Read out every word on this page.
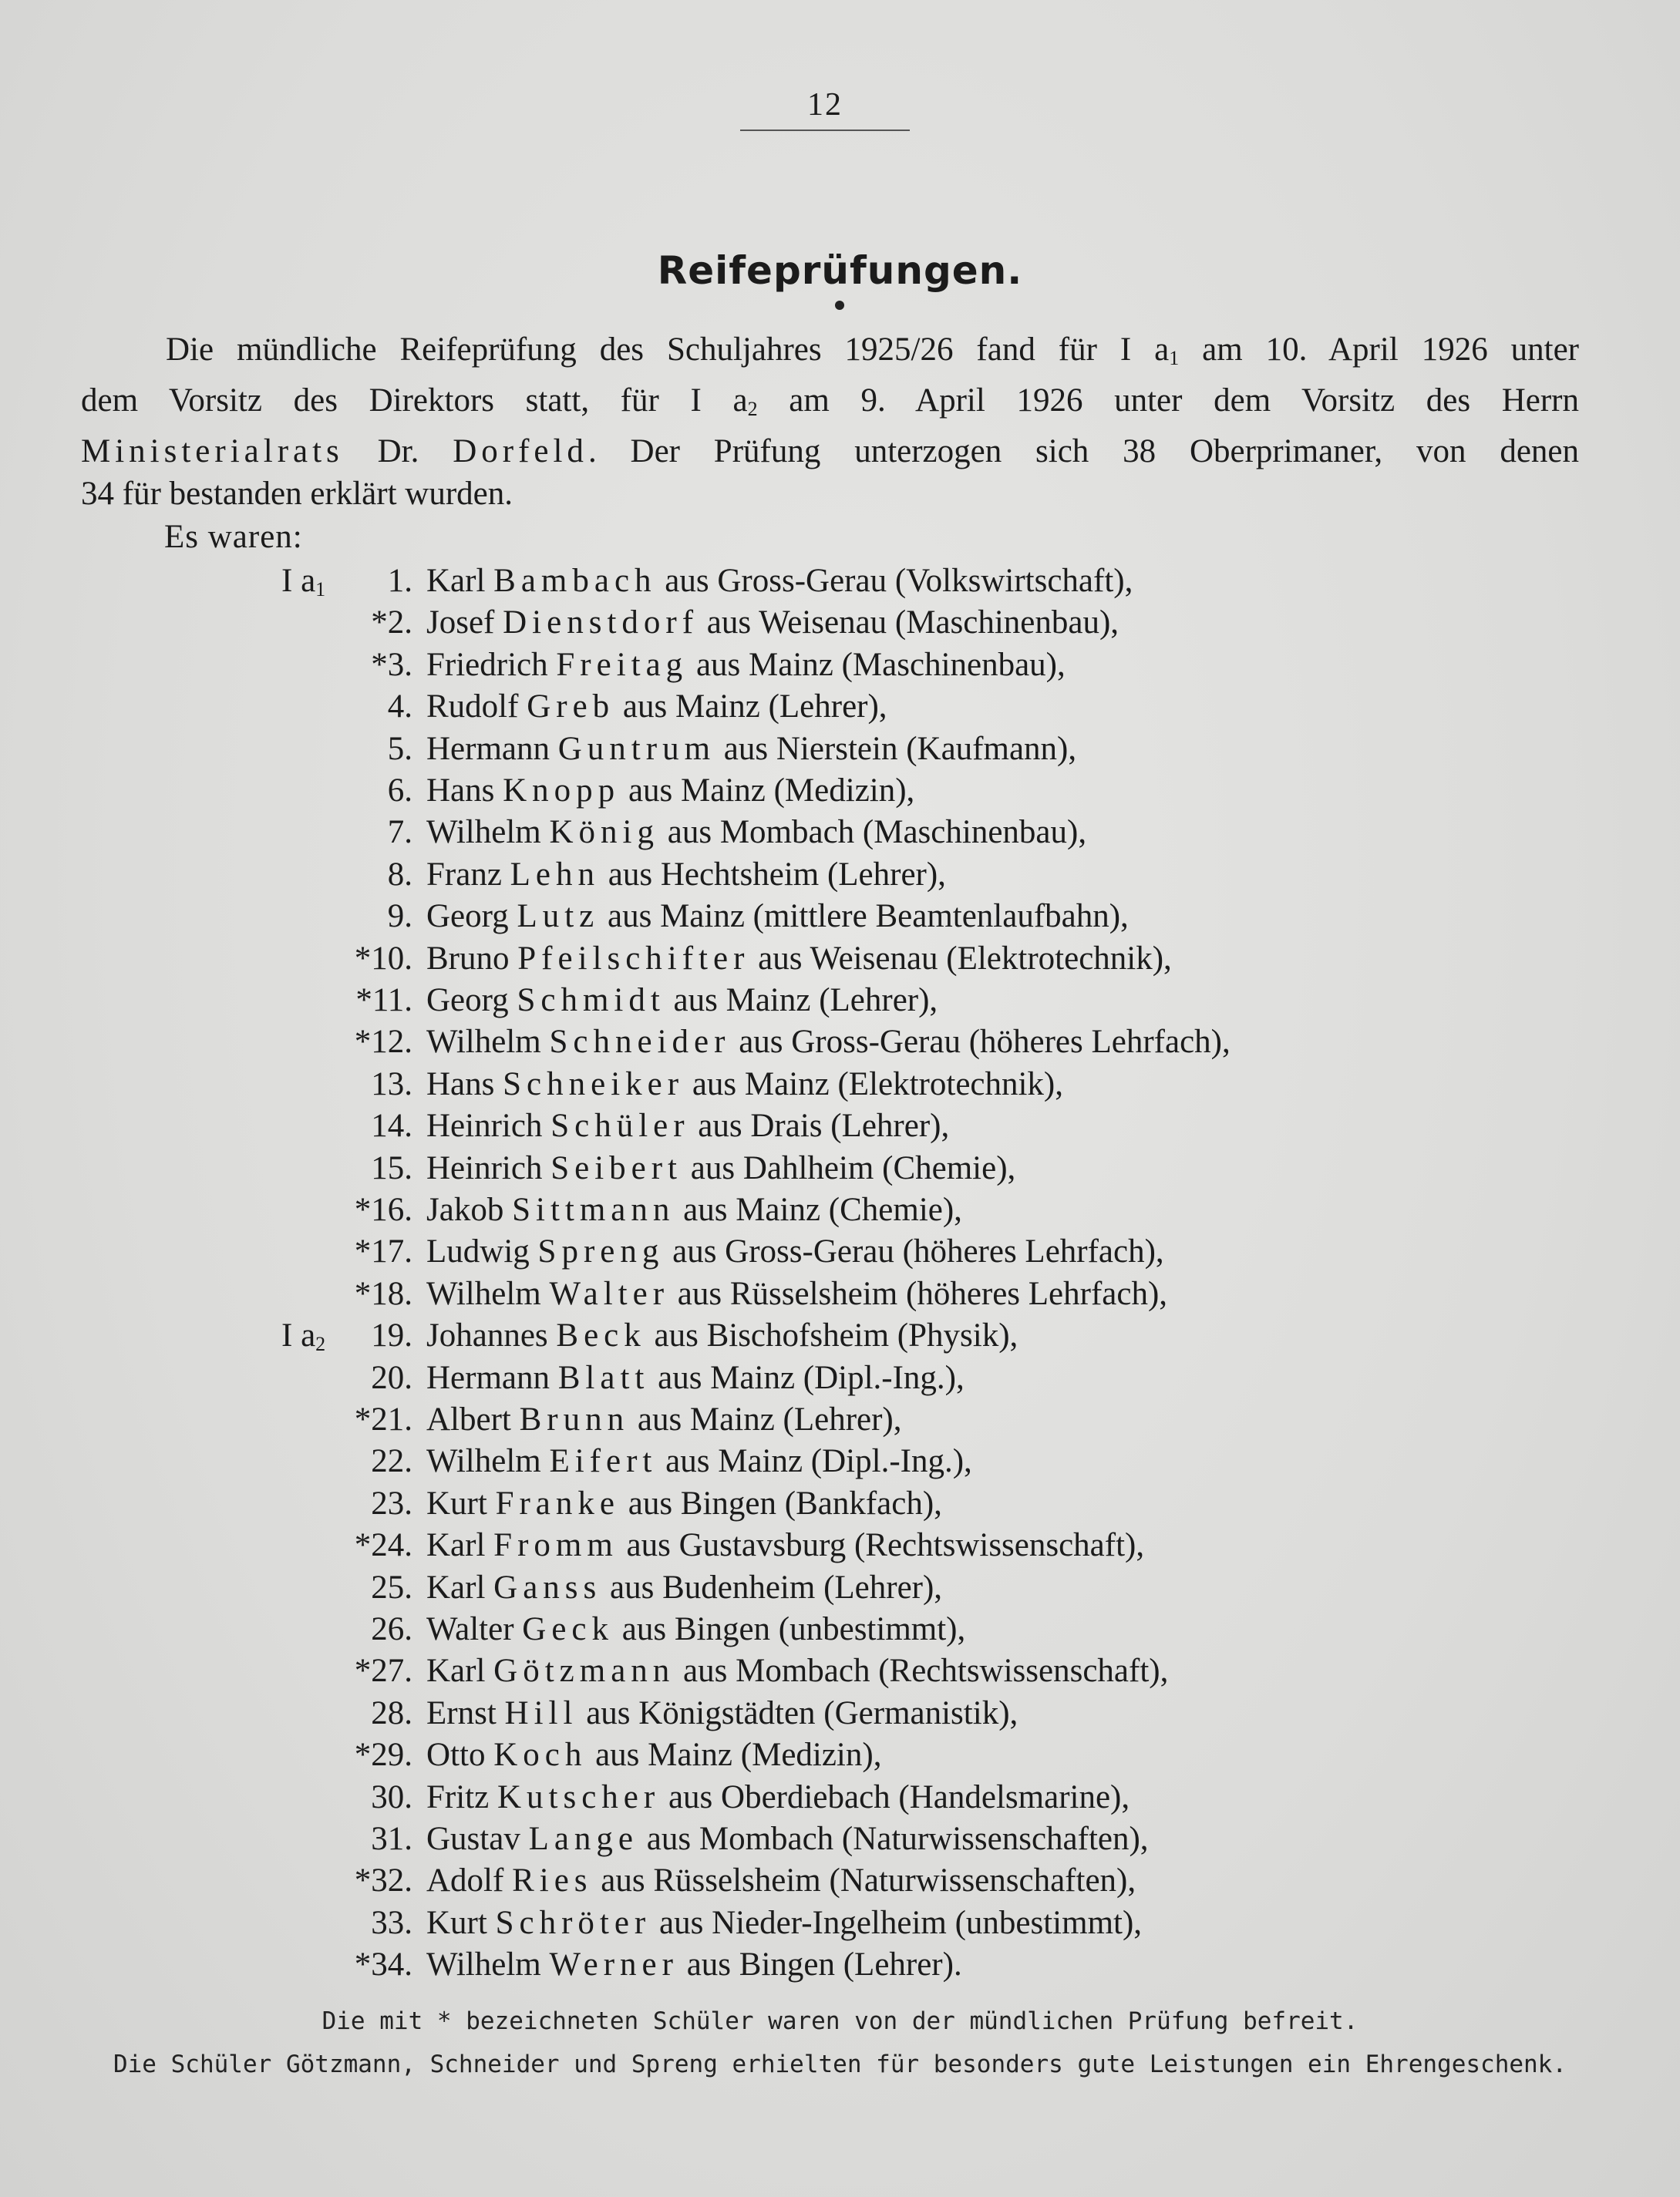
12
Reifeprüfungen.
Die mündliche Reifeprüfung des Schuljahres 1925/26 fand für I $a_1$ am 10. April 1926 unter
dem Vorsitz des Direktors statt, für I $a_2$ am 9. April 1926 unter dem Vorsitz des Herrn
Ministerialrats Dr. Dorfeld. Der Prüfung unterzogen sich 38 Oberprimaner, von denen
34 für bestanden erklärt wurden.
Es waren:
I $a_1$	1. Karl Bambach aus Gross-Gerau (Volkswirtschaft),
*2. Josef Dienstdorf aus Weisenau (Maschinenbau),
*3. Friedrich Freitag aus Mainz (Maschinenbau),
4. Rudolf Greb aus Mainz (Lehrer),
5. Hermann Guntrum aus Nierstein (Kaufmann),
6. Hans Knopp aus Mainz (Medizin),
7. Wilhelm König aus Mombach (Maschinenbau),
8. Franz Lehn aus Hechtsheim (Lehrer),
9. Georg Lutz aus Mainz (mittlere Beamtenlaufbahn),
*10. Bruno Pfeilschifter aus Weisenau (Elektrotechnik),
*11. Georg Schmidt aus Mainz (Lehrer),
*12. Wilhelm Schneider aus Gross-Gerau (höheres Lehrfach),
13. Hans Schneiker aus Mainz (Elektrotechnik),
14. Heinrich Schüler aus Drais (Lehrer),
15. Heinrich Seibert aus Dahlheim (Chemie),
*16. Jakob Sittmann aus Mainz (Chemie),
*17. Ludwig Spreng aus Gross-Gerau (höheres Lehrfach),
*18. Wilhelm Walter aus Rüsselsheim (höheres Lehrfach),
I $a_2$	19. Johannes Beck aus Bischofsheim (Physik),
20. Hermann Blatt aus Mainz (Dipl.-Ing.),
*21. Albert Brunn aus Mainz (Lehrer),
22. Wilhelm Eifert aus Mainz (Dipl.-Ing.),
23. Kurt Franke aus Bingen (Bankfach),
*24. Karl Fromm aus Gustavsburg (Rechtswissenschaft),
25. Karl Ganss aus Budenheim (Lehrer),
26. Walter Geck aus Bingen (unbestimmt),
*27. Karl Götzmann aus Mombach (Rechtswissenschaft),
28. Ernst Hill aus Königstädten (Germanistik),
*29. Otto Koch aus Mainz (Medizin),
30. Fritz Kutscher aus Oberdiebach (Handelsmarine),
31. Gustav Lange aus Mombach (Naturwissenschaften),
*32. Adolf Ries aus Rüsselsheim (Naturwissenschaften),
33. Kurt Schröter aus Nieder-Ingelheim (unbestimmt),
*34. Wilhelm Werner aus Bingen (Lehrer).
Die mit * bezeichneten Schüler waren von der mündlichen Prüfung befreit.
Die Schüler Götzmann, Schneider und Spreng erhielten für besonders gute Leistungen ein Ehrengeschenk.
